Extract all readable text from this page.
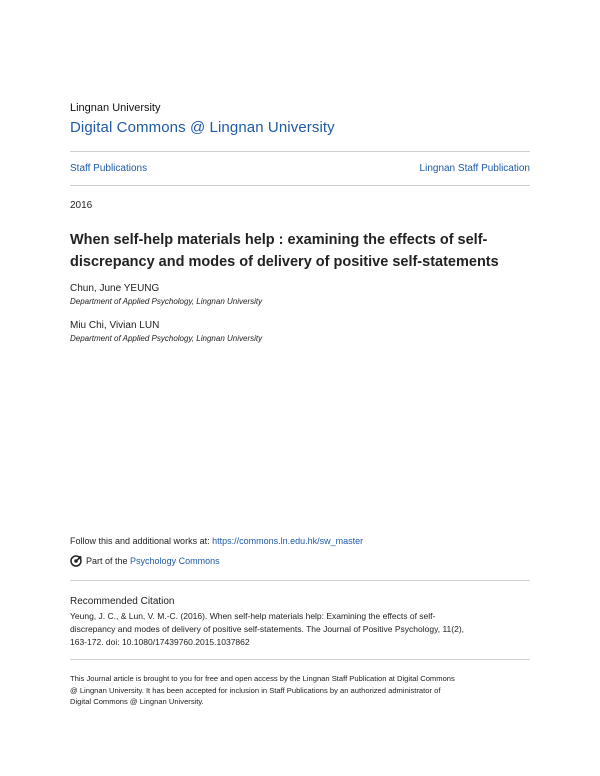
Lingnan University
Digital Commons @ Lingnan University
Staff Publications	Lingnan Staff Publication
2016
When self-help materials help : examining the effects of self-
discrepancy and modes of delivery of positive self-statements
Chun, June YEUNG
Department of Applied Psychology, Lingnan University
Miu Chi, Vivian LUN
Department of Applied Psychology, Lingnan University
Follow this and additional works at: https://commons.ln.edu.hk/sw_master
Part of the
Psychology Commons
Recommended Citation
Yeung, J. C., & Lun, V. M.-C. (2016). When self-help materials help: Examining the effects of self-
discrepancy and modes of delivery of positive self-statements. The Journal of Positive Psychology, 11(2),
163-172. doi: 10.1080/17439760.2015.1037862
This Journal article is brought to you for free and open access by the Lingnan Staff Publication at Digital Commons
@ Lingnan University. It has been accepted for inclusion in Staff Publications by an authorized administrator of
Digital Commons @ Lingnan University.
